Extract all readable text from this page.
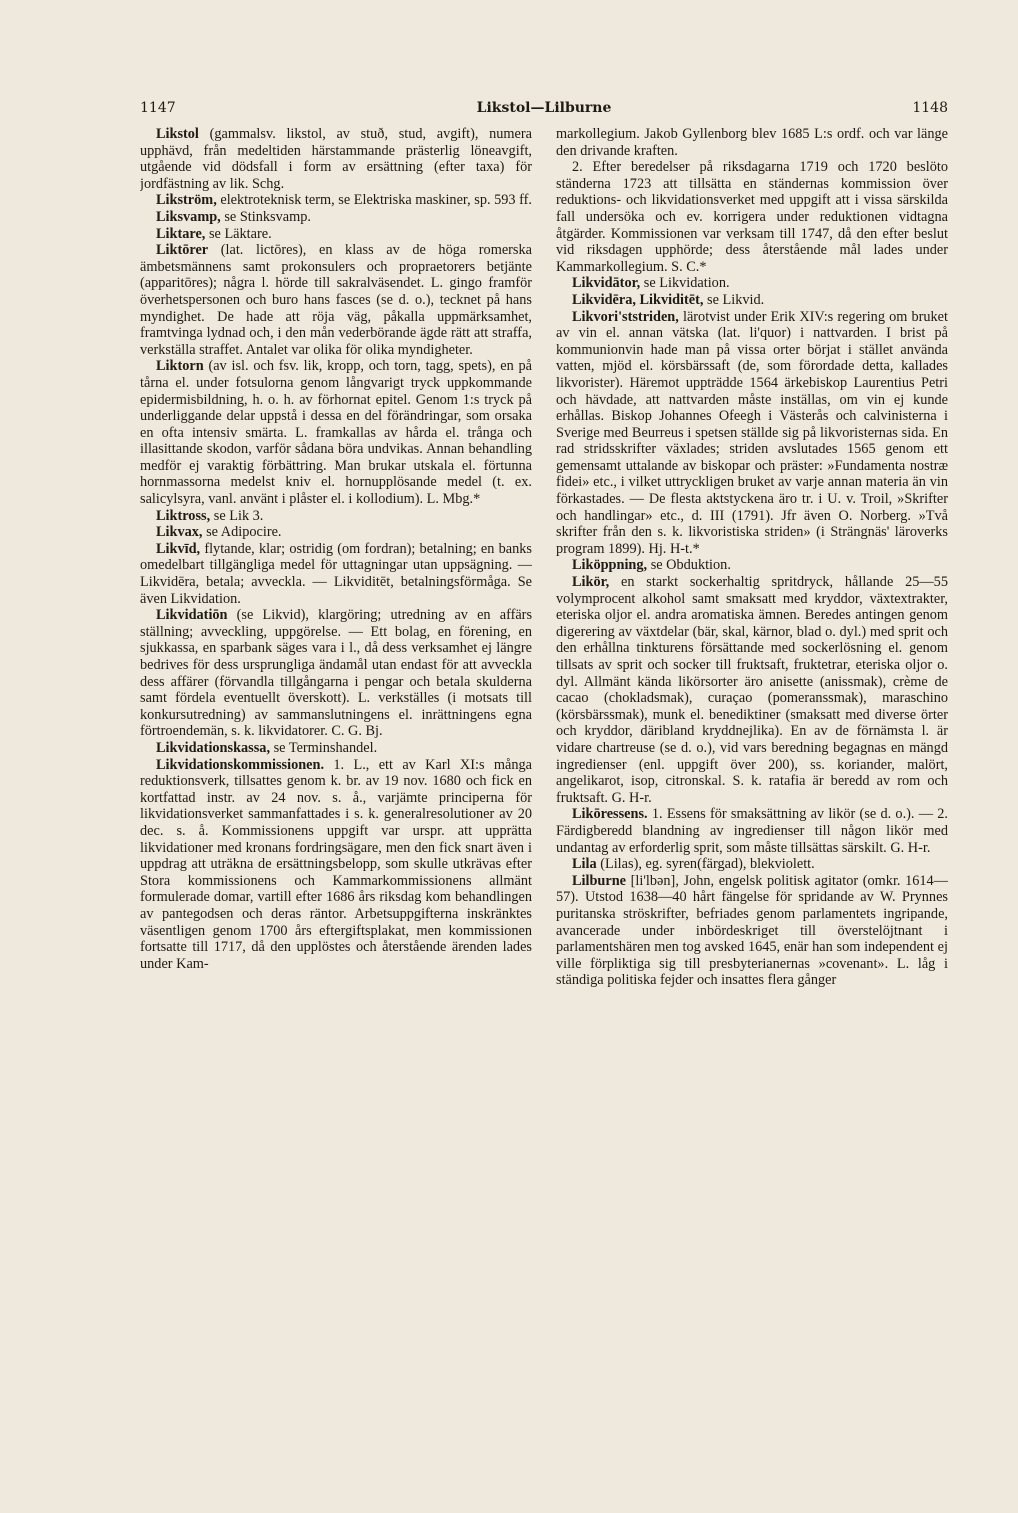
1147	Likstol—Lilburne	1148

Likstol (gammalsv. likstol, av stuð, stud, avgift), numera upphävd, från medeltiden härstammande prästerlig löneavgift, utgående vid dödsfall i form av ersättning (efter taxa) för jordfästning av lik. Schg.

Likström, elektroteknisk term, se Elektriska maskiner, sp. 593 ff.

Liksvamp, se Stinksvamp.

Liktare, se Läktare.

Liktōrer (lat. lictōres), en klass av de höga romerska ämbetsmännens samt prokonsulers och propraetorers betjänte (apparitōres); några l. hörde till sakralväsendet. L. gingo framför överhetspersonen och buro hans fasces (se d. o.), tecknet på hans myndighet. De hade att röja väg, påkalla uppmärksamhet, framtvinga lydnad och, i den mån vederbörande ägde rätt att straffa, verkställa straffet. Antalet var olika för olika myndigheter.

Liktorn (av isl. och fsv. lik, kropp, och torn, tagg, spets), en på tårna el. under fotsulorna genom långvarigt tryck uppkommande epidermisbildning, h. o. h. av förhornat epitel. Genom 1:s tryck på underliggande delar uppstå i dessa en del förändringar, som orsaka en ofta intensiv smärta. L. framkallas av hårda el. trånga och illasittande skodon, varför sådana böra undvikas. Annan behandling medför ej varaktig förbättring. Man brukar utskala el. förtunna hornmassorna medelst kniv el. hornupplösande medel (t. ex. salicylsyra, vanl. använt i plåster el. i kollodium). L. Mbg.*

Liktross, se Lik 3.

Likvax, se Adipocire.

Likvīd, flytande, klar; ostridig (om fordran); betalning; en banks omedelbart tillgängliga medel för uttagningar utan uppsägning. — Likvidēra, betala; avveckla. — Likviditēt, betalningsförmåga. Se även Likvidation.

Likvidatiōn (se Likvid), klargöring; utredning av en affärs ställning; avveckling, uppgörelse. — Ett bolag, en förening, en sjukkassa, en sparbank säges vara i l., då dess verksamhet ej längre bedrives för dess ursprungliga ändamål utan endast för att avveckla dess affärer (förvandla tillgångarna i pengar och betala skulderna samt fördela eventuellt överskott). L. verkställes (i motsats till konkursutredning) av sammanslutningens el. inrättningens egna förtroendemän, s. k. likvidatorer. C. G. Bj.

Likvidationskassa, se Terminshandel.

Likvidationskommissionen. 1. L., ett av Karl XI:s många reduktionsverk, tillsattes genom k. br. av 19 nov. 1680 och fick en kortfattad instr. av 24 nov. s. å., varjämte principerna för likvidationsverket sammanfattades i s. k. generalresolutioner av 20 dec. s. å. Kommissionens uppgift var urspr. att upprätta likvidationer med kronans fordringsägare, men den fick snart även i uppdrag att uträkna de ersättningsbelopp, som skulle utkrävas efter Stora kommissionens och Kammarkommissionens allmänt formulerade domar, vartill efter 1686 års riksdag kom behandlingen av pantegodsen och deras räntor. Arbetsuppgifterna inskränktes väsentligen genom 1700 års eftergiftsplakat, men kommissionen fortsatte till 1717, då den upplöstes och återstående ärenden lades under Kam-

markollegium. Jakob Gyllenborg blev 1685 L:s ordf. och var länge den drivande kraften.

2. Efter beredelser på riksdagarna 1719 och 1720 beslöto ständerna 1723 att tillsätta en ständernas kommission över reduktions- och likvidationsverket med uppgift att i vissa särskilda fall undersöka och ev. korrigera under reduktionen vidtagna åtgärder. Kommissionen var verksam till 1747, då den efter beslut vid riksdagen upphörde; dess återstående mål lades under Kammarkollegium. S. C.*

Likvidātor, se Likvidation.

Likvidēra, Likviditēt, se Likvid.

Likvori'ststriden, lärotvist under Erik XIV:s regering om bruket av vin el. annan vätska (lat. li'quor) i nattvarden. I brist på kommunionvin hade man på vissa orter börjat i stället använda vatten, mjöd el. körsbärssaft (de, som förordade detta, kallades likvorister). Häremot uppträdde 1564 ärkebiskop Laurentius Petri och hävdade, att nattvarden måste inställas, om vin ej kunde erhållas. Biskop Johannes Ofeegh i Västerås och calvinisterna i Sverige med Beurreus i spetsen ställde sig på likvoristernas sida. En rad stridsskrifter växlades; striden avslutades 1565 genom ett gemensamt uttalande av biskopar och präster: »Fundamenta nostræ fidei» etc., i vilket uttryckligen bruket av varje annan materia än vin förkastades. — De flesta aktstyckena äro tr. i U. v. Troil, »Skrifter och handlingar» etc., d. III (1791). Jfr även O. Norberg. »Två skrifter från den s. k. likvoristiska striden» (i Strängnäs' läroverks program 1899). Hj. H-t.*

Liköppning, se Obduktion.

Likör, en starkt sockerhaltig spritdryck, hållande 25—55 volymprocent alkohol samt smaksatt med kryddor, växtextrakter, eteriska oljor el. andra aromatiska ämnen. Beredes antingen genom digerering av växtdelar (bär, skal, kärnor, blad o. dyl.) med sprit och den erhållna tinkturens försättande med sockerlösning el. genom tillsats av sprit och socker till fruktsaft, fruktetrar, eteriska oljor o. dyl. Allmänt kända likörsorter äro anisette (anissmak), crème de cacao (chokladsmak), curaçao (pomeranssmak), maraschino (körsbärssmak), munk el. benediktiner (smaksatt med diverse örter och kryddor, däribland kryddnejlika). En av de förnämsta l. är vidare chartreuse (se d. o.), vid vars beredning begagnas en mängd ingredienser (enl. uppgift över 200), ss. koriander, malört, angelikarot, isop, citronskal. S. k. ratafia är beredd av rom och fruktsaft. G. H-r.

Likōressens. 1. Essens för smaksättning av likör (se d. o.). — 2. Färdigberedd blandning av ingredienser till någon likör med undantag av erforderlig sprit, som måste tillsättas särskilt. G. H-r.

Lila (Lilas), eg. syren(färgad), blekviolett.

Lilburne [li'lbən], John, engelsk politisk agitator (omkr. 1614—57). Utstod 1638—40 hårt fängelse för spridande av W. Prynnes puritanska ströskrifter, befriades genom parlamentets ingripande, avancerade under inbördeskriget till överstelöjtnant i parlamentshären men tog avsked 1645, enär han som independent ej ville förpliktiga sig till presbyterianernas »covenant». L. låg i ständiga politiska fejder och insattes flera gånger
